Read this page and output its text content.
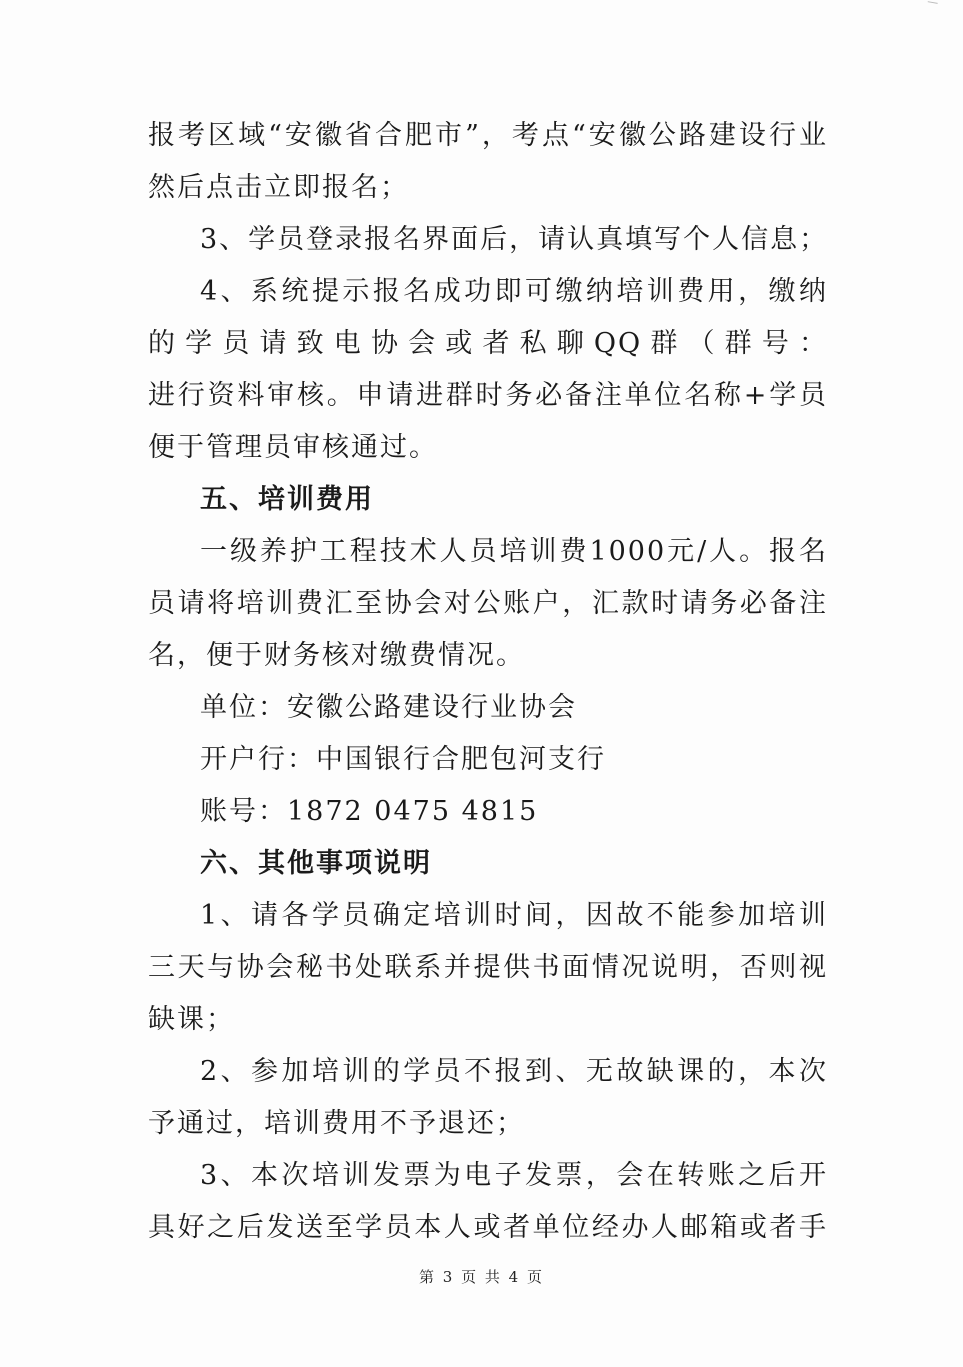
报考区域“安徽省合肥市”，考点“安徽公路建设行业
然后点击立即报名；
3、学员登录报名界面后，请认真填写个人信息；
4、系统提示报名成功即可缴纳培训费用，缴纳
的学员请致电协会或者私聊QQ群（群号：
进行资料审核。申请进群时务必备注单位名称+学员
便于管理员审核通过。
五、培训费用
一级养护工程技术人员培训费1000元/人。报名
员请将培训费汇至协会对公账户，汇款时请务必备注
名，便于财务核对缴费情况。
单位：安徽公路建设行业协会
开户行：中国银行合肥包河支行
账号：1872 0475 4815
六、其他事项说明
1、请各学员确定培训时间，因故不能参加培训
三天与协会秘书处联系并提供书面情况说明，否则视
缺课；
2、参加培训的学员不报到、无故缺课的，本次
予通过，培训费用不予退还；
3、本次培训发票为电子发票，会在转账之后开
具好之后发送至学员本人或者单位经办人邮箱或者手
第 3 页 共 4 页
